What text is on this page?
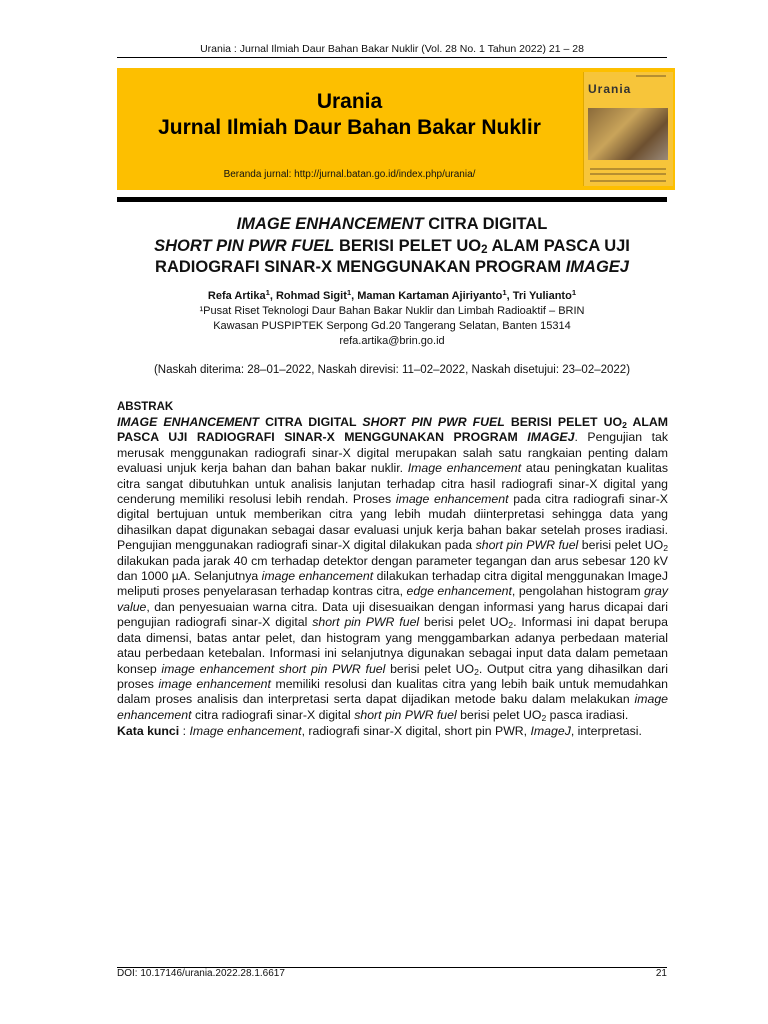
Urania : Jurnal Ilmiah Daur Bahan Bakar Nuklir (Vol. 28 No. 1 Tahun 2022) 21 – 28
Urania
Jurnal Ilmiah Daur Bahan Bakar Nuklir
Beranda jurnal: http://jurnal.batan.go.id/index.php/urania/
Urania
IMAGE ENHANCEMENT CITRA DIGITAL
SHORT PIN PWR FUEL BERISI PELET $UO_2$ ALAM PASCA UJI
RADIOGRAFI SINAR-X MENGGUNAKAN PROGRAM IMAGEJ
Refa Artika$^1$, Rohmad Sigit$^1$, Maman Kartaman Ajiriyanto$^1$, Tri Yulianto$^1$
¹Pusat Riset Teknologi Daur Bahan Bakar Nuklir dan Limbah Radioaktif – BRIN
Kawasan PUSPIPTEK Serpong Gd.20 Tangerang Selatan, Banten 15314
refa.artika@brin.go.id
(Naskah diterima: 28–01–2022, Naskah direvisi: 11–02–2022, Naskah disetujui: 23–02–2022)
ABSTRAK
IMAGE ENHANCEMENT CITRA DIGITAL SHORT PIN PWR FUEL BERISI PELET $UO_2$ ALAM PASCA UJI RADIOGRAFI SINAR-X MENGGUNAKAN PROGRAM IMAGEJ. Pengujian tak merusak menggunakan radiografi sinar-X digital merupakan salah satu rangkaian penting dalam evaluasi unjuk kerja bahan dan bahan bakar nuklir. Image enhancement atau peningkatan kualitas citra sangat dibutuhkan untuk analisis lanjutan terhadap citra hasil radiografi sinar-X digital yang cenderung memiliki resolusi lebih rendah. Proses image enhancement pada citra radiografi sinar-X digital bertujuan untuk memberikan citra yang lebih mudah diinterpretasi sehingga data yang dihasilkan dapat digunakan sebagai dasar evaluasi unjuk kerja bahan bakar setelah proses iradiasi. Pengujian menggunakan radiografi sinar-X digital dilakukan pada short pin PWR fuel berisi pelet $UO_2$ dilakukan pada jarak 40 cm terhadap detektor dengan parameter tegangan dan arus sebesar 120 kV dan 1000 µA. Selanjutnya image enhancement dilakukan terhadap citra digital menggunakan ImageJ meliputi proses penyelarasan terhadap kontras citra, edge enhancement, pengolahan histogram gray value, dan penyesuaian warna citra. Data uji disesuaikan dengan informasi yang harus dicapai dari pengujian radiografi sinar-X digital short pin PWR fuel berisi pelet $UO_2$. Informasi ini dapat berupa data dimensi, batas antar pelet, dan histogram yang menggambarkan adanya perbedaan material atau perbedaan ketebalan. Informasi ini selanjutnya digunakan sebagai input data dalam pemetaan konsep image enhancement short pin PWR fuel berisi pelet $UO_2$. Output citra yang dihasilkan dari proses image enhancement memiliki resolusi dan kualitas citra yang lebih baik untuk memudahkan dalam proses analisis dan interpretasi serta dapat dijadikan metode baku dalam melakukan image enhancement citra radiografi sinar-X digital short pin PWR fuel berisi pelet $UO_2$ pasca iradiasi.
Kata kunci : Image enhancement, radiografi sinar-X digital, short pin PWR, ImageJ, interpretasi.
DOI: 10.17146/urania.2022.28.1.6617	21
